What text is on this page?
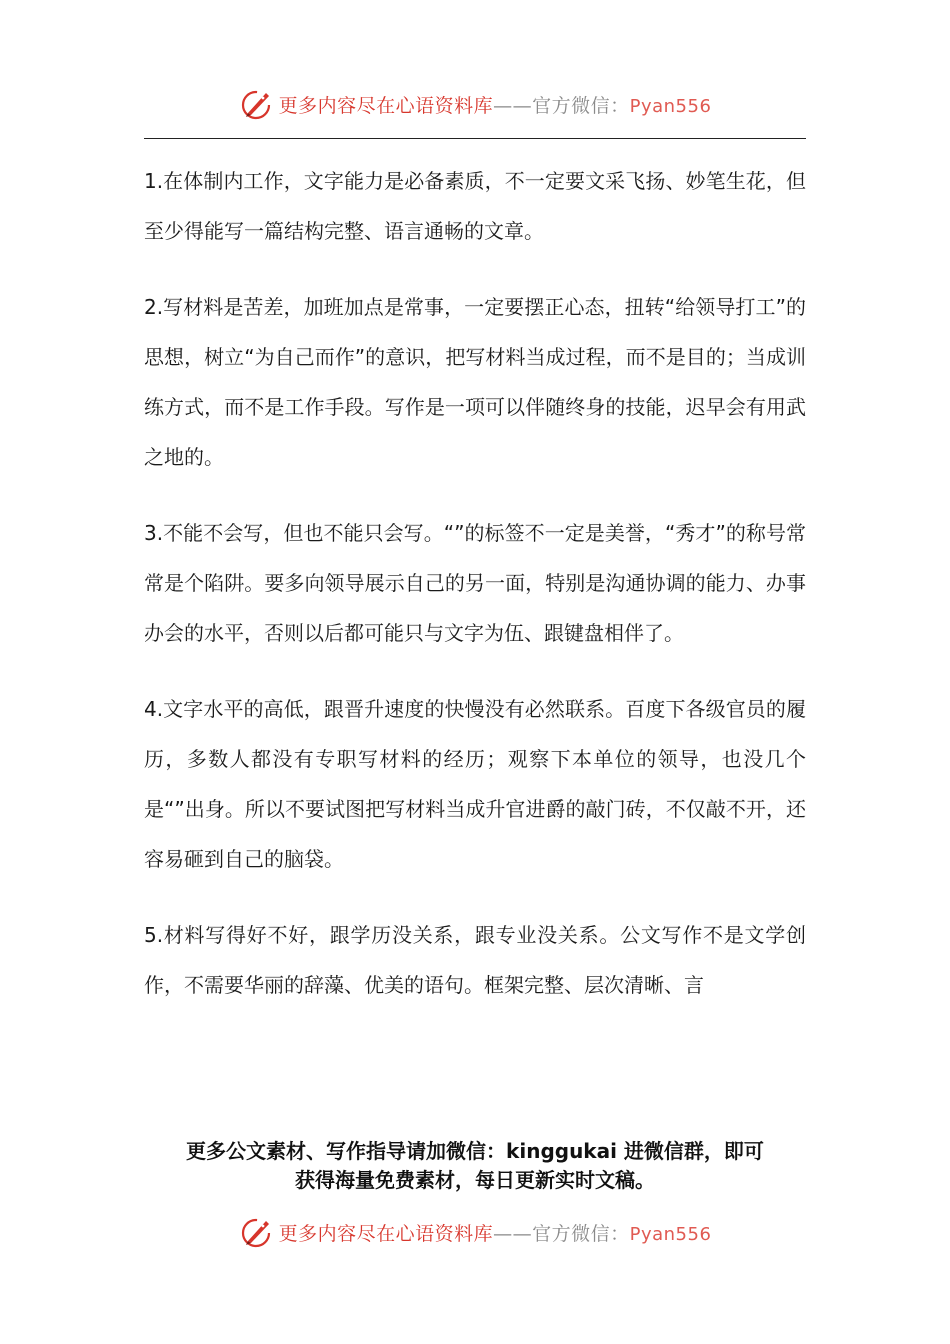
更多内容尽在心语资料库——官方微信：Pyan556

1.在体制内工作，文字能力是必备素质，不一定要文采飞扬、妙笔生花，但至少得能写一篇结构完整、语言通畅的文章。

2.写材料是苦差，加班加点是常事，一定要摆正心态，扭转“给领导打工”的思想，树立“为自己而作”的意识，把写材料当成过程，而不是目的；当成训练方式，而不是工作手段。写作是一项可以伴随终身的技能，迟早会有用武之地的。

3.不能不会写，但也不能只会写。“”的标签不一定是美誉，“秀才”的称号常常是个陷阱。要多向领导展示自己的另一面，特别是沟通协调的能力、办事办会的水平，否则以后都可能只与文字为伍、跟键盘相伴了。

4.文字水平的高低，跟晋升速度的快慢没有必然联系。百度下各级官员的履历，多数人都没有专职写材料的经历；观察下本单位的领导，也没几个是“”出身。所以不要试图把写材料当成升官进爵的敲门砖，不仅敲不开，还容易砸到自己的脑袋。

5.材料写得好不好，跟学历没关系，跟专业没关系。公文写作不是文学创作，不需要华丽的辞藻、优美的语句。框架完整、层次清晰、言

更多公文素材、写作指导请加微信：kinggukai 进微信群，即可
获得海量免费素材，每日更新实时文稿。
更多内容尽在心语资料库——官方微信：Pyan556
